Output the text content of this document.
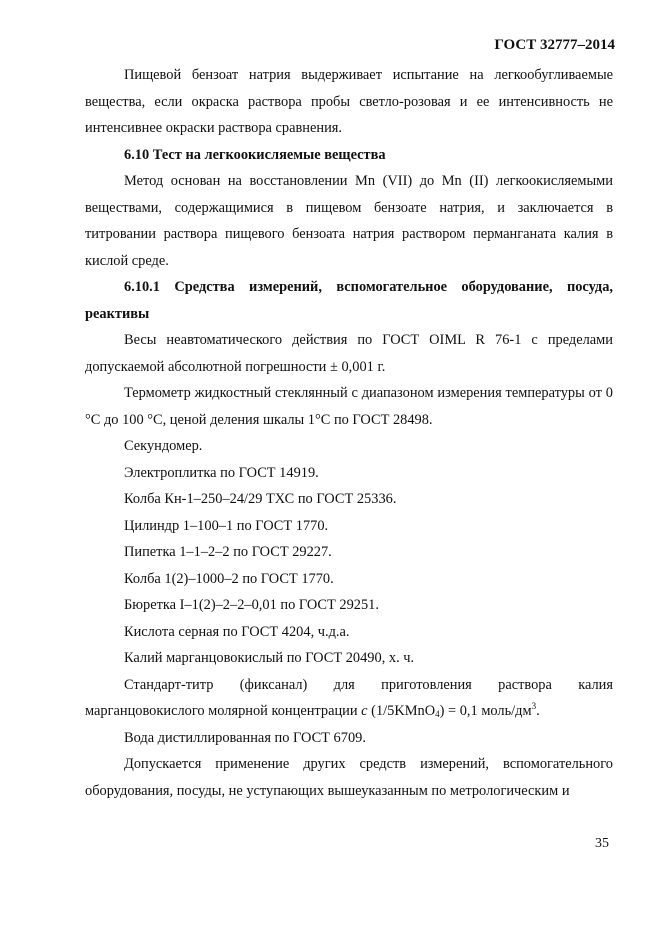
ГОСТ 32777–2014

Пищевой бензоат натрия выдерживает испытание на легкообугливаемые вещества, если окраска раствора пробы светло-розовая и ее интенсивность не интенсивнее окраски раствора сравнения.

6.10 Тест на легкоокисляемые вещества

Метод основан на восстановлении Mn (VII) до Mn (II) легкоокисляемыми веществами, содержащимися в пищевом бензоате натрия, и заключается в титровании раствора пищевого бензоата натрия раствором перманганата калия в кислой среде.

6.10.1 Средства измерений, вспомогательное оборудование, посуда, реактивы

Весы неавтоматического действия по ГОСТ OIML R 76-1 с пределами допускаемой абсолютной погрешности ± 0,001 г.

Термометр жидкостный стеклянный с диапазоном измерения температуры от 0 °С до 100 °С, ценой деления шкалы 1°С по ГОСТ 28498.

Секундомер.

Электроплитка по ГОСТ 14919.

Колба Кн-1–250–24/29 ТХС по ГОСТ 25336.

Цилиндр 1–100–1 по ГОСТ 1770.

Пипетка 1–1–2–2 по ГОСТ 29227.

Колба 1(2)–1000–2 по ГОСТ 1770.

Бюретка I–1(2)–2–2–0,01 по ГОСТ 29251.

Кислота серная по ГОСТ 4204, ч.д.а.

Калий марганцовокислый по ГОСТ 20490, х. ч.

Стандарт-титр (фиксанал) для приготовления раствора калия марганцовокислого молярной концентрации с (1/5KMnO$_4$) = 0,1 моль/$дм^3$.

Вода дистиллированная по ГОСТ 6709.

Допускается применение других средств измерений, вспомогательного оборудования, посуды, не уступающих вышеуказанным по метрологическим и

35
